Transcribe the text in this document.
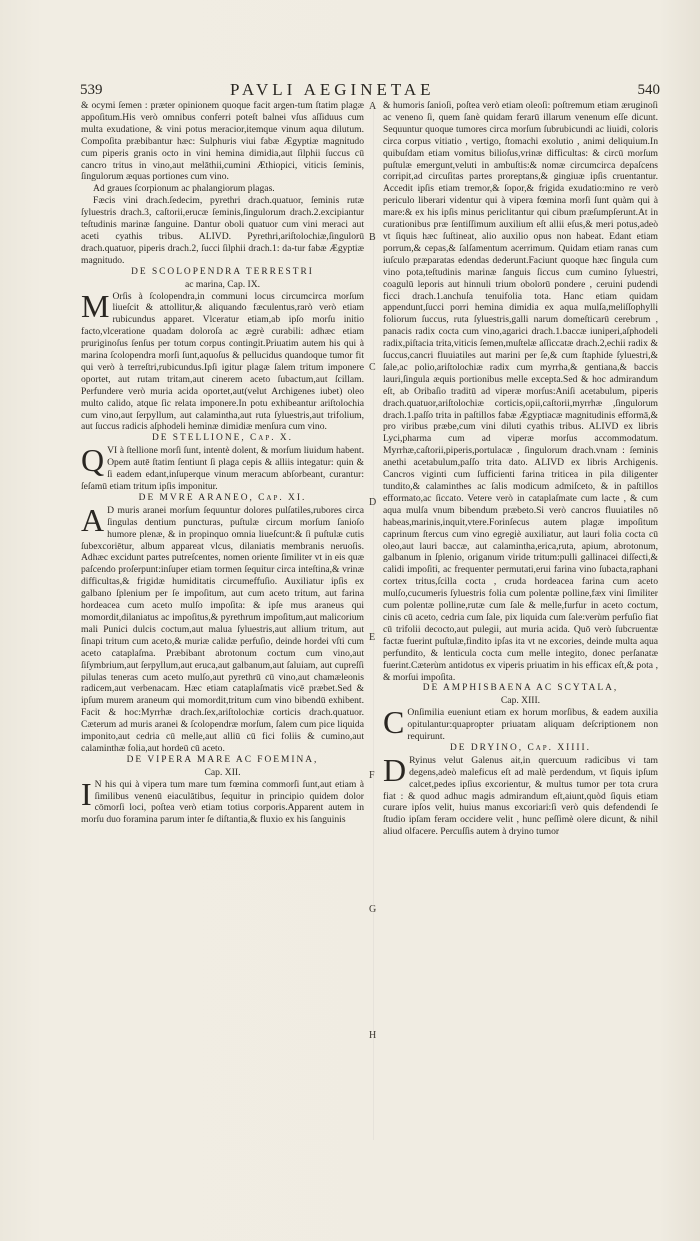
539	PAVLI AEGINETAE	540

& ocymi ſemen : præter opinionem quoque facit argen-tum ſtatim plagæ appoſitum.His verò omnibus conferri poteſt balnei vſus aſſiduus cum multa exudatione, & vini potus meracior,itemque vinum aqua dilutum. Compoſita præbibantur hæc: Sulphuris viui fabæ Ægyptiæ magnitudo cum piperis granis octo in vini hemina dimidia,aut ſilphii ſuccus cū cancro tritus in vino,aut melāthii,cumini Æthiopici, viticis ſeminis, ſingulorum æquas portiones cum vino.

Ad graues ſcorpionum ac phalangiorum plagas.

Fæcis vini drach.ſedecim, pyrethri drach.quatuor, ſeminis rutæ ſyluestris drach.3, caſtorii,erucæ ſeminis,ſingulorum drach.2.excipiantur teſtudinis marinæ ſanguine. Dantur oboli quatuor cum vini meraci aut aceti cyathis tribus. ALIVD. Pyrethri,ariſtolochiæ,ſingulorū drach.quatuor, piperis drach.2, ſucci ſilphii drach.1: da-tur fabæ Ægyptiæ magnitudo.

DE SCOLOPENDRA TERRESTRI

ac marina, Cap. IX.

M Orſis à ſcolopendra,in communi locus circumcirca morſum liueſcit & attollitur,& aliquando fæculentus,rarò verò etiam rubicundus apparet. Vlceratur etiam,ab ipſo morſu initio facto,vlceratione quadam doloroſa ac ægrè curabili: adhæc etiam pruriginoſus ſenſus per totum corpus contingit.Priuatim autem his qui à marina ſcolopendra morſi ſunt,aquoſus & pellucidus quandoque tumor fit qui verò à terreſtri,rubicundus.Ipſi igitur plagæ ſalem tritum imponere oportet, aut rutam tritam,aut cinerem aceto ſubactum,aut ſcillam. Perfundere verò muria acida oportet,aut(velut Archigenes iubet) oleo multo calido, atque ſic relata imponere.In potu exhibeantur ariſtolochia cum vino,aut ſerpyllum, aut calamintha,aut ruta ſyluestris,aut trifolium, aut ſuccus radicis aſphodeli heminæ dimidiæ menſura cum vino.

DE STELLIONE, Cap. X.

QVI à ſtellione morſi ſunt, intentè dolent, & morſum liuidum habent. Opem autē ſtatim ſentiunt ſi plaga cepis & alliis integatur: quin & ſi eadem edant,inſuperque vinum meracum abſorbeant, curantur: ſeſamū etiam tritum ipſis imponitur.

DE MVRE ARANEO, Cap. XI.

A D muris aranei morſum ſequuntur dolores pulſatiles,rubores circa ſingulas dentium puncturas, puſtulæ circum morſum ſanioſo humore plenæ, & in propinquo omnia liueſcunt:& ſi puſtulæ cutis ſubexcoriētur, album appareat vlcus, dilaniatis membranis neruoſis. Adhæc excidunt partes putreſcentes, nomen oriente ſimiliter vt in eis quæ paſcendo proſerpunt:inſuper etiam tormen ſequitur circa inteſtina,& vrinæ difficultas,& frigidæ humiditatis circumeffuſio. Auxiliatur ipſis ex galbano ſplenium per ſe impoſitum, aut cum aceto tritum, aut farina hordeacea cum aceto mulſo impoſita: & ipſe mus araneus qui momordit,dilaniatus ac impoſitus,& pyrethrum impoſitum,aut malicorium mali Punici dulcis coctum,aut malua ſyluestris,aut allium tritum, aut ſinapi tritum cum aceto,& muriæ calidæ perfuſio, deinde hordei vſti cum aceto cataplaſma. Præbibant abrotonum coctum cum vino,aut ſiſymbrium,aut ſerpyllum,aut eruca,aut galbanum,aut ſaluiam, aut cupreſſi pilulas teneras cum aceto mulſo,aut pyrethrū cū vino,aut chamæleonis radicem,aut verbenacam. Hæc etiam cataplaſmatis vicē præbet.Sed & ipſum murem araneum qui momordit,tritum cum vino bibendū exhibent. Facit & hoc:Myrrhæ drach.ſex,ariſtolochiæ corticis drach.quatuor. Cæterum ad muris aranei & ſcolopendræ morſum, ſalem cum pice liquida imponito,aut cedria cū melle,aut alliū cū fici foliis & cumino,aut calaminthæ folia,aut hordeū cū aceto.

DE VIPERA MARE AC FOEMINA,

Cap. XII.

I N his qui à vipera tum mare tum fœmina commorſi ſunt,aut etiam à ſimilibus venenū eiaculātibus, ſequitur in principio quidem dolor cōmorſi loci, poſtea verò etiam totius corporis.Apparent autem in morſu duo foramina parum inter ſe diſtantia,& fluxio ex his ſanguinis

& humoris ſanioſi, poſtea verò etiam oleoſi: poſtremum etiam æruginoſi ac veneno ſi, quem ſanè quidam ferarū illarum venenum eſſe dicunt. Sequuntur quoque tumores circa morſum ſubrubicundi ac liuidi, coloris circa corpus vitiatio , vertigo, ſtomachi exolutio , animi deliquium.In quibuſdam etiam vomitus bilioſus,vrinæ difficultas: & circū morſum puſtulæ emergunt,veluti in ambuſtis:& nomæ circumcirca depaſcens corripit,ad circuſitas partes proreptans,& gingiuæ ipſis cruentantur. Accedit ipſis etiam tremor,& ſopor,& frigida exudatio:mino re verò periculo liberari videntur qui à vipera fœmina morſi ſunt quàm qui à mare:& ex his ipſis minus periclitantur qui cibum præſumpſerunt.At in curationibus præ ſentiſſimum auxilium eſt allii eſus,& meri potus,adeò vt ſiquis hæc ſuſtineat, alio auxilio opus non habeat. Edant etiam porrum,& cepas,& ſalſamentum acerrimum. Quidam etiam ranas cum iuſculo præparatas edendas dederunt.Faciunt quoque hæc ſingula cum vino pota,teſtudinis marinæ ſanguis ſiccus cum cumino ſyluestri, coagulū leporis aut hinnuli trium obolorū pondere , ceruini pudendi ficci drach.1.anchuſa tenuifolia tota. Hanc etiam quidam appendunt,ſucci porri hemina dimidia ex aqua mulſa,meliſſophylli foliorum ſuccus, ruta ſyluestris,galli narum domeſticarū cerebrum , panacis radix cocta cum vino,agarici drach.1.baccæ iuniperi,aſphodeli radix,piſtacia trita,viticis ſemen,muſtelæ aſſiccatæ drach.2,echii radix & ſuccus,cancri fluuiatiles aut marini per ſe,& cum ſtaphide ſyluestri,& ſale,ac polio,ariſtolochiæ radix cum myrrha,& gentiana,& baccis lauri,ſingula æquis portionibus melle excepta.Sed & hoc admirandum eſt, ab Oribaſio traditū ad viperæ morſus:Aniſi acetabulum, piperis drach.quatuor,ariſtolochiæ corticis,opii,caſtorii,myrrhæ ,ſingulorum drach.1.paſſo trita in paſtillos fabæ Ægyptiacæ magnitudinis efformā,& pro viribus præbe,cum vini diluti cyathis tribus. ALIVD ex libris Lyci,pharma cum ad viperæ morſus accommodatum. Myrrhæ,caſtorii,piperis,portulacæ , ſingulorum drach.vnam : ſeminis anethi acetabulum,paſſo trita dato. ALIVD ex libris Archigenis. Cancros viginti cum ſufficienti farina triticea in pila diligenter tundito,& calaminthes ac ſalis modicum admiſceto, & in paſtillos efformato,ac ſiccato. Vetere verò in cataplaſmate cum lacte , & cum aqua mulſa vnum bibendum præbeto.Si verò cancros fluuiatiles nō habeas,marinis,inquit,vtere.Forinſecus autem plagæ impoſitum caprinum ſtercus cum vino egregiè auxiliatur, aut lauri folia cocta cū oleo,aut lauri baccæ, aut calamintha,erica,ruta, apium, abrotonum, galbanum in ſplenio, origanum viride tritum:pulli gallinacei diſſecti,& calidi impoſiti, ac frequenter permutati,erui farina vino ſubacta,raphani cortex tritus,ſcilla cocta , cruda hordeacea farina cum aceto mulſo,cucumeris ſyluestris folia cum polentæ polline,fæx vini ſimiliter cum polentæ polline,rutæ cum ſale & melle,furfur in aceto coctum, cinis cū aceto, cedria cum ſale, pix liquida cum ſale:verùm perfuſio fiat cū trifolii decocto,aut pulegii, aut muria acida. Quō verò ſubcruentæ factæ fuerint puſtulæ,findito ipſas ita vt ne excories, deinde multa aqua perfundito, & lenticula cocta cum melle integito, donec perſanatæ fuerint.Cæterùm antidotus ex viperis priuatim in his efficax eſt,& pota , & morſui impoſita.

DE AMPHISBAENA AC SCYTALA,

Cap. XIII.

C Onſimilia eueniunt etiam ex horum morſibus, & eadem auxilia opitulantur:quapropter priuatam aliquam deſcriptionem non requirunt.

DE DRYINO, Cap. XIIII.

D Ryinus velut Galenus ait,in quercuum radicibus vi tam degens,adeò maleficus eſt ad malè perdendum, vt ſiquis ipſum calcet,pedes ipſius excorientur, & multus tumor per tota crura fiat : & quod adhuc magis admirandum eſt,aiunt,quòd ſiquis etiam curare ipſos velit, huius manus excoriari:ſi verò quis defendendi ſe ſtudio ipſam feram occidere velit , hunc peſſimè olere dicunt, & nihil aliud olfacere. Percuſſis autem à dryino tumor

A
B
C
D
E
F
G
H
